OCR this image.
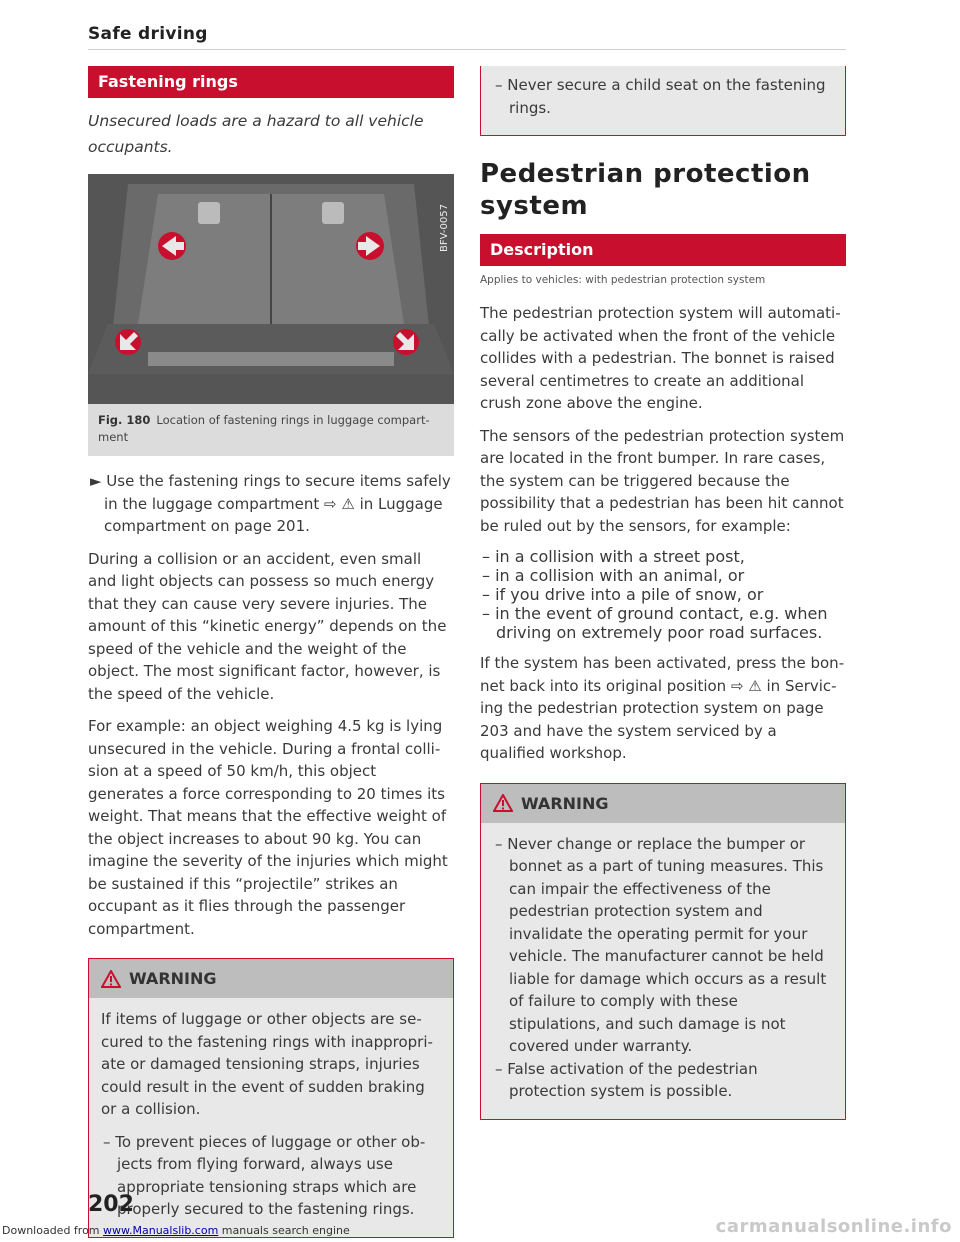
Safe driving
Fastening rings
Unsecured loads are a hazard to all vehicle occupants.
BFV-0057
Fig. 180 Location of fastening rings in luggage compartment

► Use the fastening rings to secure items safely in the luggage compartment ⇨ ⚠ in Luggage compartment on page 201.

During a collision or an accident, even small and light objects can possess so much energy that they can cause very severe injuries. The amount of this “kinetic energy” depends on the speed of the vehicle and the weight of the object. The most significant factor, however, is the speed of the vehicle.

For example: an object weighing 4.5 kg is lying unsecured in the vehicle. During a frontal collision at a speed of 50 km/h, this object generates a force corresponding to 20 times its weight. That means that the effective weight of the object increases to about 90 kg. You can imagine the severity of the injuries which might be sustained if this “projectile” strikes an occupant as it flies through the passenger compartment.

WARNING

If items of luggage or other objects are secured to the fastening rings with inappropriate or damaged tensioning straps, injuries could result in the event of sudden braking or a collision.

– To prevent pieces of luggage or other objects from flying forward, always use appropriate tensioning straps which are properly secured to the fastening rings.
– Never secure a child seat on the fastening rings.
Pedestrian protection system
Description
Applies to vehicles: with pedestrian protection system

The pedestrian protection system will automatically be activated when the front of the vehicle collides with a pedestrian. The bonnet is raised several centimetres to create an additional crush zone above the engine.

The sensors of the pedestrian protection system are located in the front bumper. In rare cases, the system can be triggered because the possibility that a pedestrian has been hit cannot be ruled out by the sensors, for example:

– in a collision with a street post,
– in a collision with an animal, or
– if you drive into a pile of snow, or
– in the event of ground contact, e.g. when driving on extremely poor road surfaces.

If the system has been activated, press the bonnet back into its original position ⇨ ⚠ in Servicing the pedestrian protection system on page 203 and have the system serviced by a qualified workshop.

WARNING
– Never change or replace the bumper or bonnet as a part of tuning measures. This can impair the effectiveness of the pedestrian protection system and invalidate the operating permit for your vehicle. The manufacturer cannot be held liable for damage which occurs as a result of failure to comply with these stipulations, and such damage is not covered under warranty.
– False activation of the pedestrian protection system is possible.
202
Downloaded from www.Manualslib.com manuals search engine	carmanualsonline.info
